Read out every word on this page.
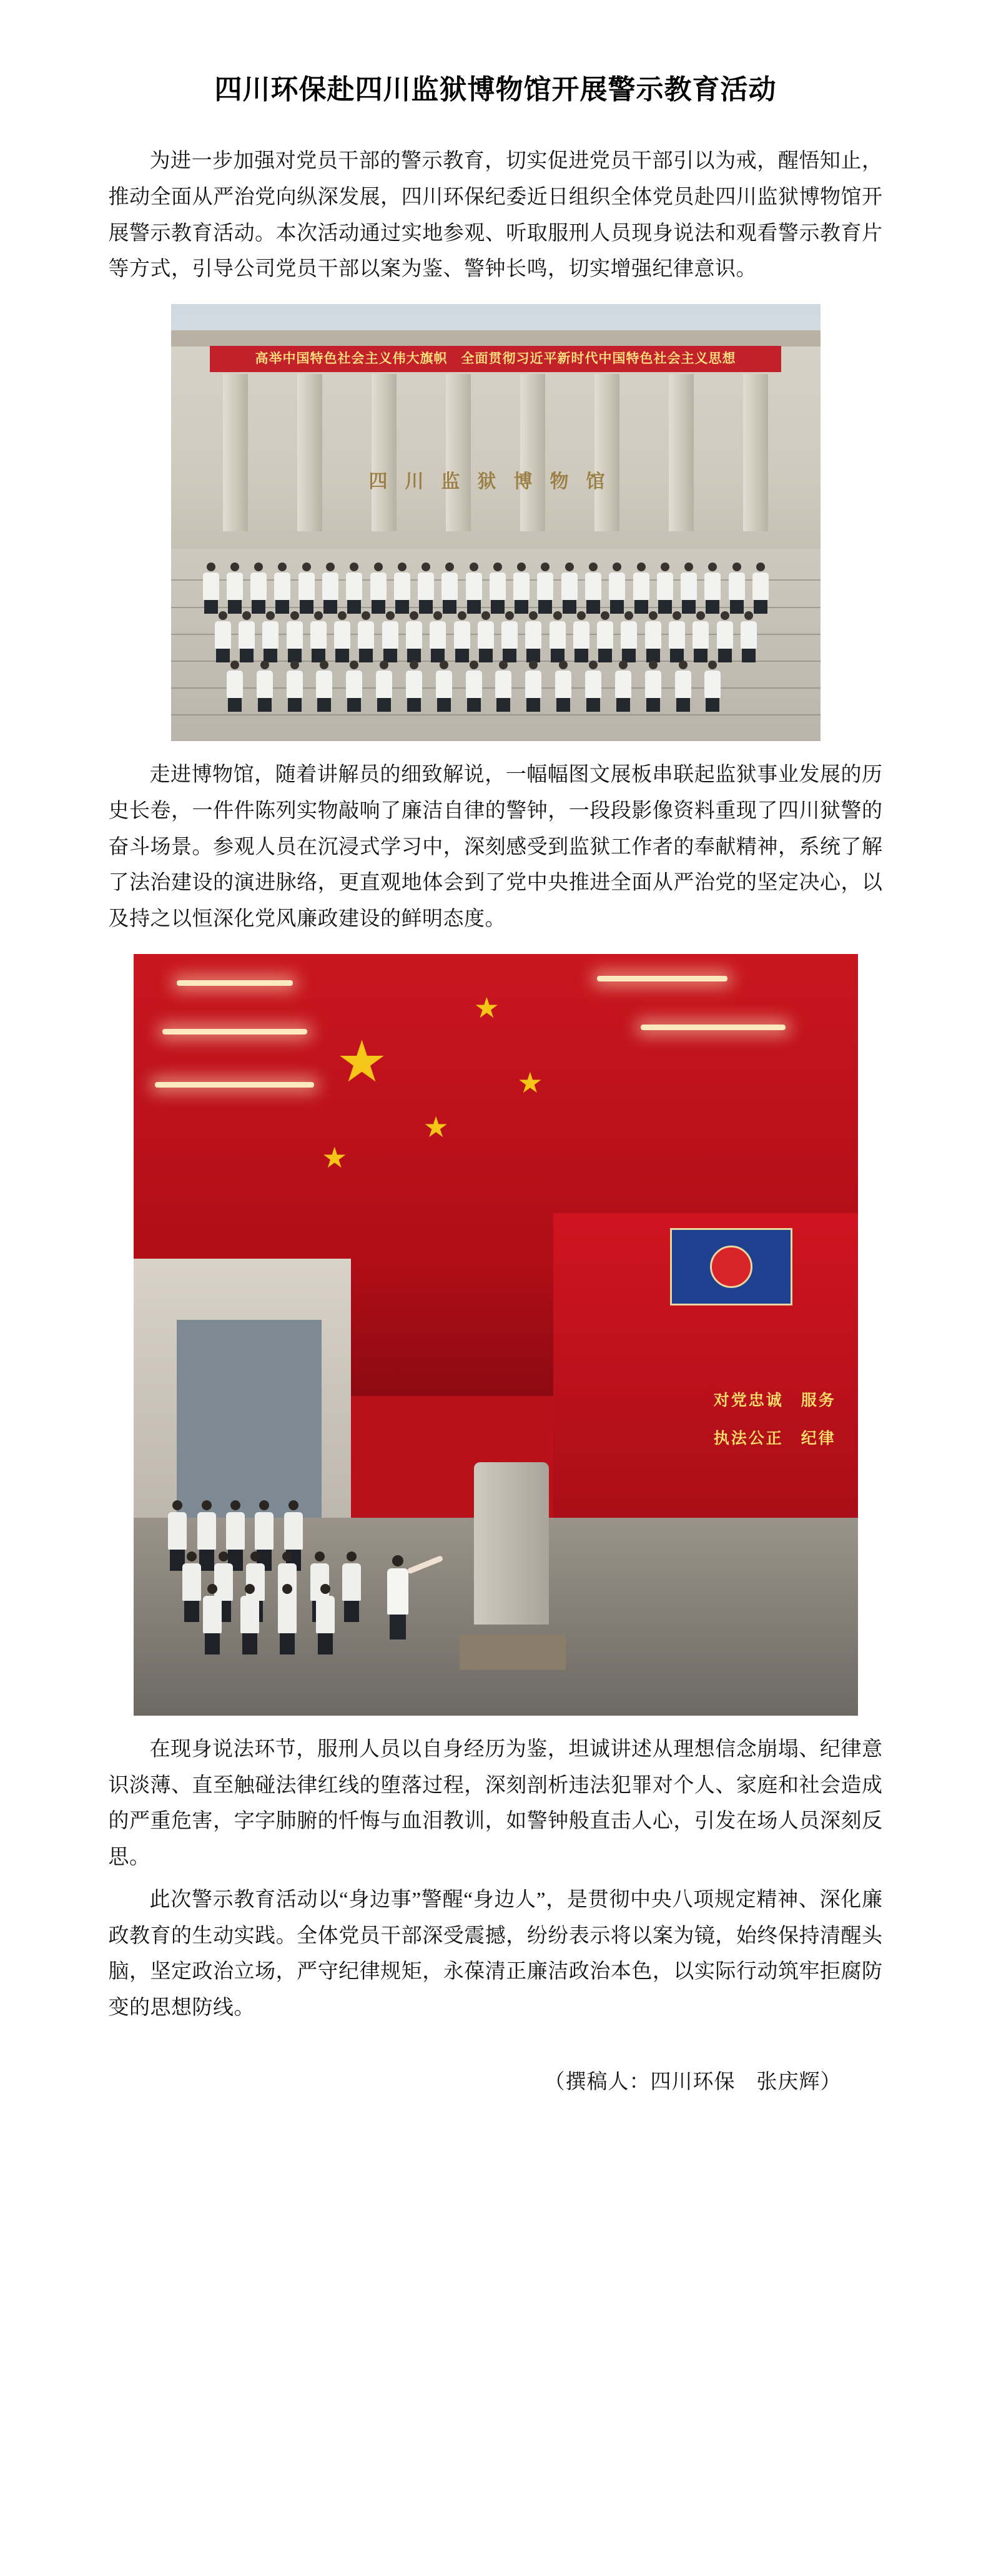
四川环保赴四川监狱博物馆开展警示教育活动

为进一步加强对党员干部的警示教育，切实促进党员干部引以为戒，醒悟知止，推动全面从严治党向纵深发展，四川环保纪委近日组织全体党员赴四川监狱博物馆开展警示教育活动。本次活动通过实地参观、听取服刑人员现身说法和观看警示教育片等方式，引导公司党员干部以案为鉴、警钟长鸣，切实增强纪律意识。

高举中国特色社会主义伟大旗帜　全面贯彻习近平新时代中国特色社会主义思想
四川监狱博物馆

走进博物馆，随着讲解员的细致解说，一幅幅图文展板串联起监狱事业发展的历史长卷，一件件陈列实物敲响了廉洁自律的警钟，一段段影像资料重现了四川狱警的奋斗场景。参观人员在沉浸式学习中，深刻感受到监狱工作者的奉献精神，系统了解了法治建设的演进脉络，更直观地体会到了党中央推进全面从严治党的坚定决心，以及持之以恒深化党风廉政建设的鲜明态度。

★
★
★
★
★
对党忠诚　服务
执法公正　纪律

在现身说法环节，服刑人员以自身经历为鉴，坦诚讲述从理想信念崩塌、纪律意识淡薄、直至触碰法律红线的堕落过程，深刻剖析违法犯罪对个人、家庭和社会造成的严重危害，字字肺腑的忏悔与血泪教训，如警钟般直击人心，引发在场人员深刻反思。

此次警示教育活动以“身边事”警醒“身边人”，是贯彻中央八项规定精神、深化廉政教育的生动实践。全体党员干部深受震撼，纷纷表示将以案为镜，始终保持清醒头脑，坚定政治立场，严守纪律规矩，永葆清正廉洁政治本色，以实际行动筑牢拒腐防变的思想防线。

（撰稿人：四川环保　张庆辉）
